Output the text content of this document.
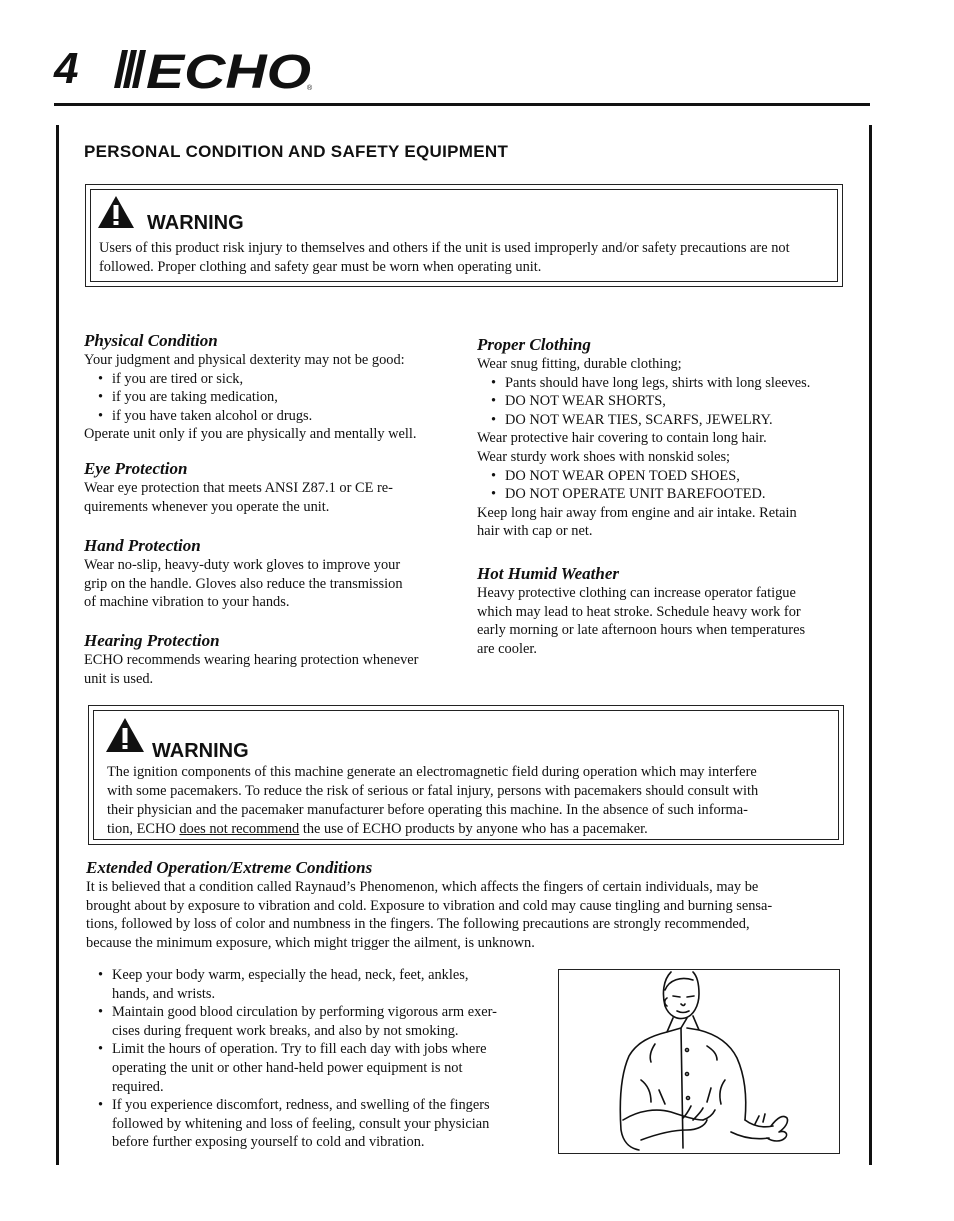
4 ECHO
®
PERSONAL CONDITION AND SAFETY EQUIPMENT
WARNING
Users of this product risk injury to themselves and others if the unit is used improperly and/or safety precautions are not followed. Proper clothing and safety gear must be worn when operating unit.
Physical Condition
Your judgment and physical dexterity may not be good:
• if you are tired or sick,
• if you are taking medication,
• if you have taken alcohol or drugs.
Operate unit only if you are physically and mentally well.
Eye Protection
Wear eye protection that meets ANSI Z87.1 or CE re-
quirements whenever you operate the unit.
Hand Protection
Wear no-slip, heavy-duty work gloves to improve your
grip on the handle. Gloves also reduce the transmission
of machine vibration to your hands.
Hearing Protection
ECHO recommends wearing hearing protection whenever
unit is used.
Proper Clothing
Wear snug fitting, durable clothing;
• Pants should have long legs, shirts with long sleeves.
• DO NOT WEAR SHORTS,
• DO NOT WEAR TIES, SCARFS, JEWELRY.
Wear protective hair covering to contain long hair.
Wear sturdy work shoes with nonskid soles;
• DO NOT WEAR OPEN TOED SHOES,
• DO NOT OPERATE UNIT BAREFOOTED.
Keep long hair away from engine and air intake. Retain
hair with cap or net.
Hot Humid Weather
Heavy protective clothing can increase operator fatigue
which may lead to heat stroke. Schedule heavy work for
early morning or late afternoon hours when temperatures
are cooler.
WARNING
The ignition components of this machine generate an electromagnetic field during operation which may interfere
with some pacemakers. To reduce the risk of serious or fatal injury, persons with pacemakers should consult with
their physician and the pacemaker manufacturer before operating this machine. In the absence of such informa-
tion, ECHO does not recommend the use of ECHO products by anyone who has a pacemaker.
Extended Operation/Extreme Conditions
It is believed that a condition called Raynaud’s Phenomenon, which affects the fingers of certain individuals, may be
brought about by exposure to vibration and cold. Exposure to vibration and cold may cause tingling and burning sensa-
tions, followed by loss of color and numbness in the fingers. The following precautions are strongly recommended,
because the minimum exposure, which might trigger the ailment, is unknown.
• Keep your body warm, especially the head, neck, feet, ankles,
hands, and wrists.
• Maintain good blood circulation by performing vigorous arm exer-
cises during frequent work breaks, and also by not smoking.
• Limit the hours of operation. Try to fill each day with jobs where
operating the unit or other hand-held power equipment is not
required.
• If you experience discomfort, redness, and swelling of the fingers
followed by whitening and loss of feeling, consult your physician
before further exposing yourself to cold and vibration.
